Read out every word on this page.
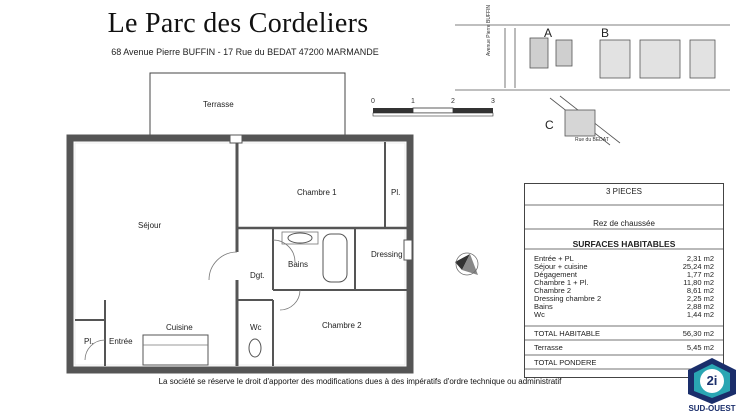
Le Parc des Cordeliers
68 Avenue Pierre BUFFIN - 17 Rue du BEDAT 47200 MARMANDE
0	1	2	3
A	B
C
Avenue Pierre BUFFIN
Rue du BEDAT
Terrasse
Séjour
Chambre 1	Pl.
Dressing
Bains
Dgt.
Cuisine	Wc	Chambre 2
Pl. Entrée
3 PIECES
Rez de chaussée
SURFACES HABITABLES
Entrée + PL	2,31 m2
Séjour + cuisine	25,24 m2
Dégagement	1,77 m2
Chambre 1 + Pl.	11,80 m2
Chambre 2	8,61 m2
Dressing chambre 2	2,25 m2
Bains	2,88 m2
Wc	1,44 m2
TOTAL HABITABLE	56,30 m2
Terrasse	5,45 m2
TOTAL PONDERE
La société se réserve le droit d'apporter des modifications dues à des impératifs d'ordre technique ou administratif	2i
SUD-OUEST
